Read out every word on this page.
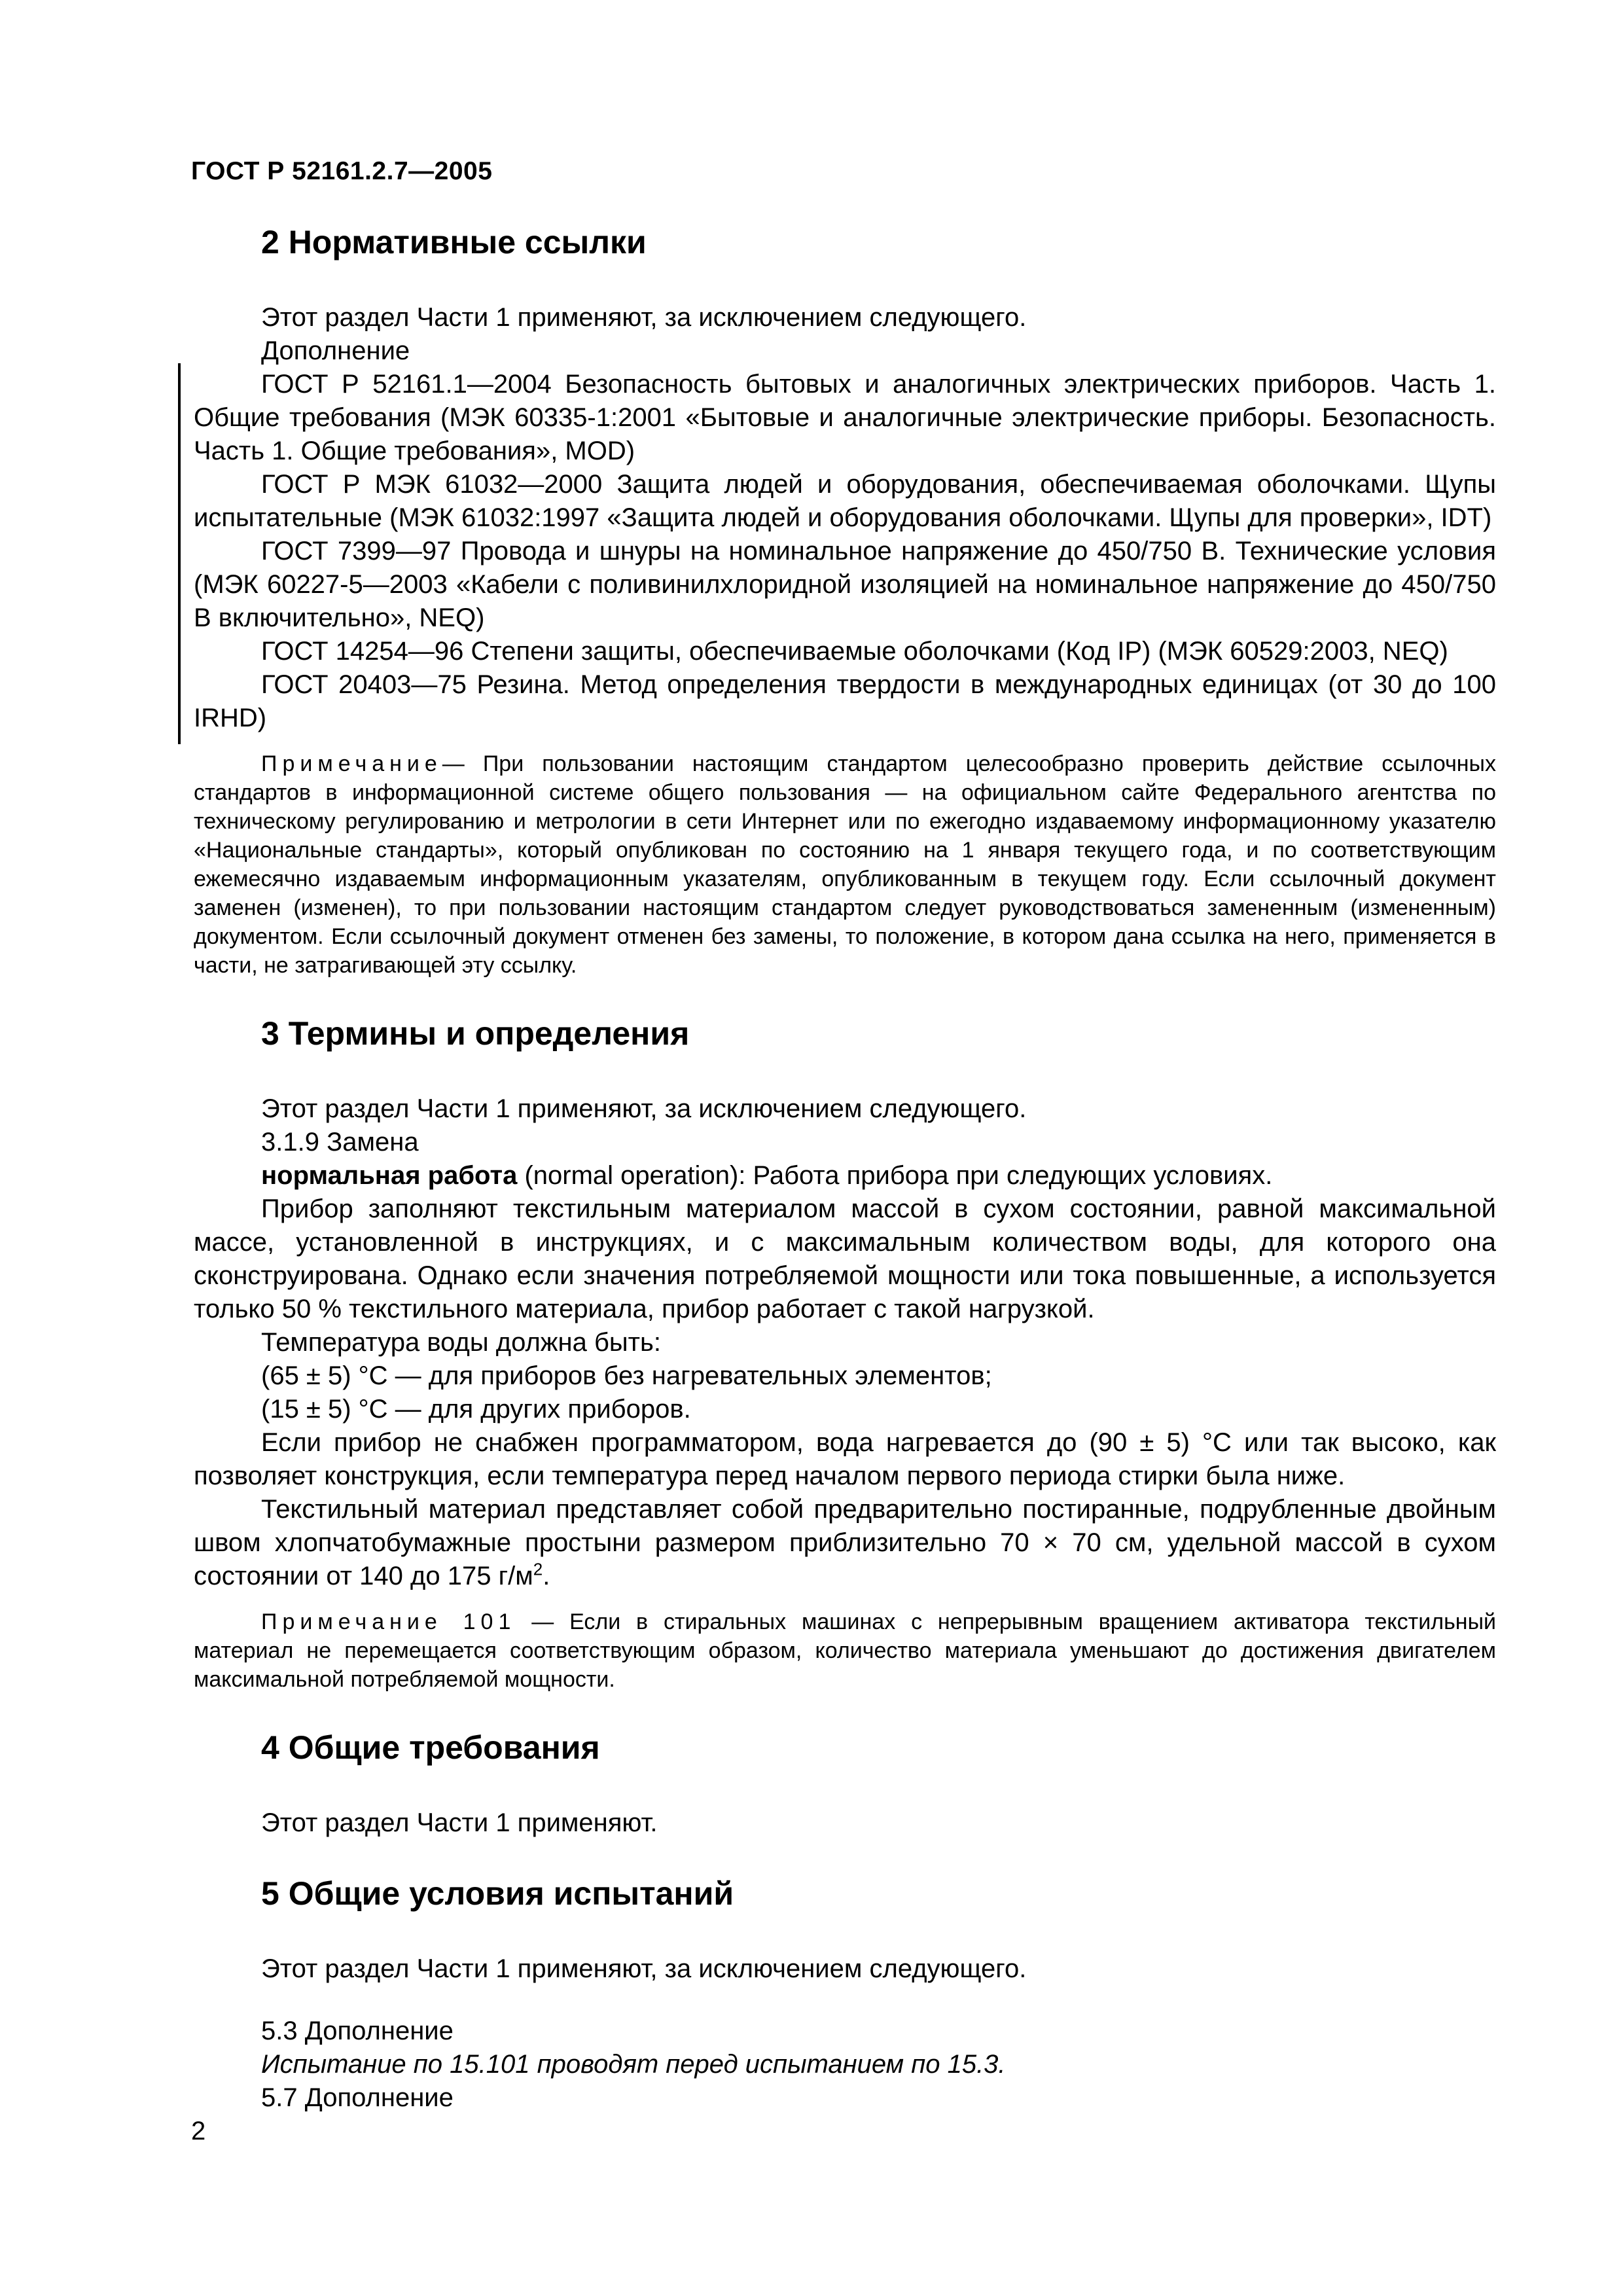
ГОСТ Р 52161.2.7—2005
2 Нормативные ссылки

Этот раздел Части 1 применяют, за исключением следующего.

Дополнение

ГОСТ Р 52161.1—2004 Безопасность бытовых и аналогичных электрических приборов. Часть 1. Общие требования (МЭК 60335-1:2001 «Бытовые и аналогичные электрические приборы. Безопасность. Часть 1. Общие требования», MOD)

ГОСТ Р МЭК 61032—2000 Защита людей и оборудования, обеспечиваемая оболочками. Щупы испытательные (МЭК 61032:1997 «Защита людей и оборудования оболочками. Щупы для проверки», IDT)

ГОСТ 7399—97 Провода и шнуры на номинальное напряжение до 450/750 В. Технические условия (МЭК 60227-5—2003 «Кабели с поливинилхлоридной изоляцией на номинальное напряжение до 450/750 В включительно», NEQ)

ГОСТ 14254—96 Степени защиты, обеспечиваемые оболочками (Код IP) (МЭК 60529:2003, NEQ)

ГОСТ 20403—75 Резина. Метод определения твердости в международных единицах (от 30 до 100 IRHD)

Примечание— При пользовании настоящим стандартом целесообразно проверить действие ссылочных стандартов в информационной системе общего пользования — на официальном сайте Федерального агентства по техническому регулированию и метрологии в сети Интернет или по ежегодно издаваемому информационному указателю «Национальные стандарты», который опубликован по состоянию на 1 января текущего года, и по соответствующим ежемесячно издаваемым информационным указателям, опубликованным в текущем году. Если ссылочный документ заменен (изменен), то при пользовании настоящим стандартом следует руководствоваться замененным (измененным) документом. Если ссылочный документ отменен без замены, то положение, в котором дана ссылка на него, применяется в части, не затрагивающей эту ссылку.

3 Термины и определения

Этот раздел Части 1 применяют, за исключением следующего.

3.1.9 Замена

нормальная работа (normal operation): Работа прибора при следующих условиях.

Прибор заполняют текстильным материалом массой в сухом состоянии, равной максимальной массе, установленной в инструкциях, и с максимальным количеством воды, для которого она сконструирована. Однако если значения потребляемой мощности или тока повышенные, а используется только 50 % текстильного материала, прибор работает с такой нагрузкой.

Температура воды должна быть:

(65 ± 5) °С — для приборов без нагревательных элементов;

(15 ± 5) °С — для других приборов.

Если прибор не снабжен программатором, вода нагревается до (90 ± 5) °С или так высоко, как позволяет конструкция, если температура перед началом первого периода стирки была ниже.

Текстильный материал представляет собой предварительно постиранные, подрубленные двойным швом хлопчатобумажные простыни размером приблизительно 70 × 70 см, удельной массой в сухом состоянии от 140 до 175 $г/м^2$.

Примечание 101 — Если в стиральных машинах с непрерывным вращением активатора текстильный материал не перемещается соответствующим образом, количество материала уменьшают до достижения двигателем максимальной потребляемой мощности.

4 Общие требования

Этот раздел Части 1 применяют.

5 Общие условия испытаний

Этот раздел Части 1 применяют, за исключением следующего.

5.3 Дополнение

Испытание по 15.101 проводят перед испытанием по 15.3.

5.7 Дополнение

2
